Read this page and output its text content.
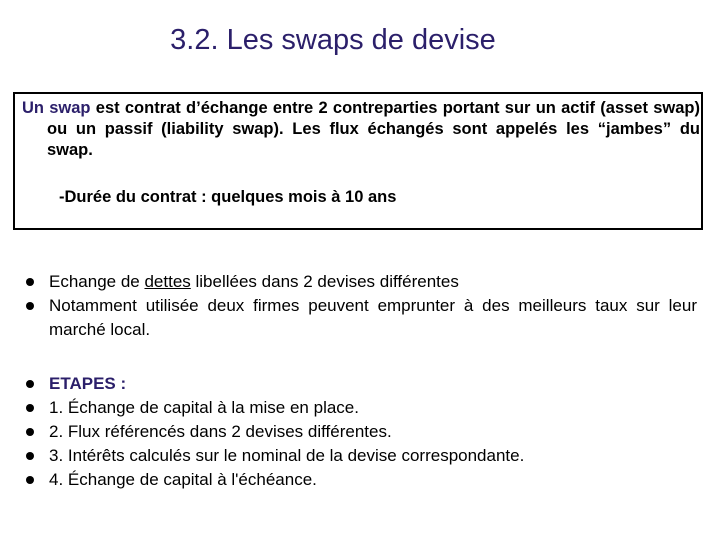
3.2. Les swaps de devise

Un swap est contrat d’échange entre 2 contreparties portant sur un actif (asset swap) ou un passif (liability swap). Les flux échangés sont appelés les “jambes” du swap.

-Durée du contrat : quelques mois à 10 ans

Echange de dettes libellées dans 2 devises différentes
Notamment utilisée deux firmes peuvent emprunter à des meilleurs taux sur leur marché local.
ETAPES :
1. Échange de capital à la mise en place.
2. Flux référencés dans 2 devises différentes.
3. Intérêts calculés sur le nominal de la devise correspondante.
4. Échange de capital à l'échéance.
